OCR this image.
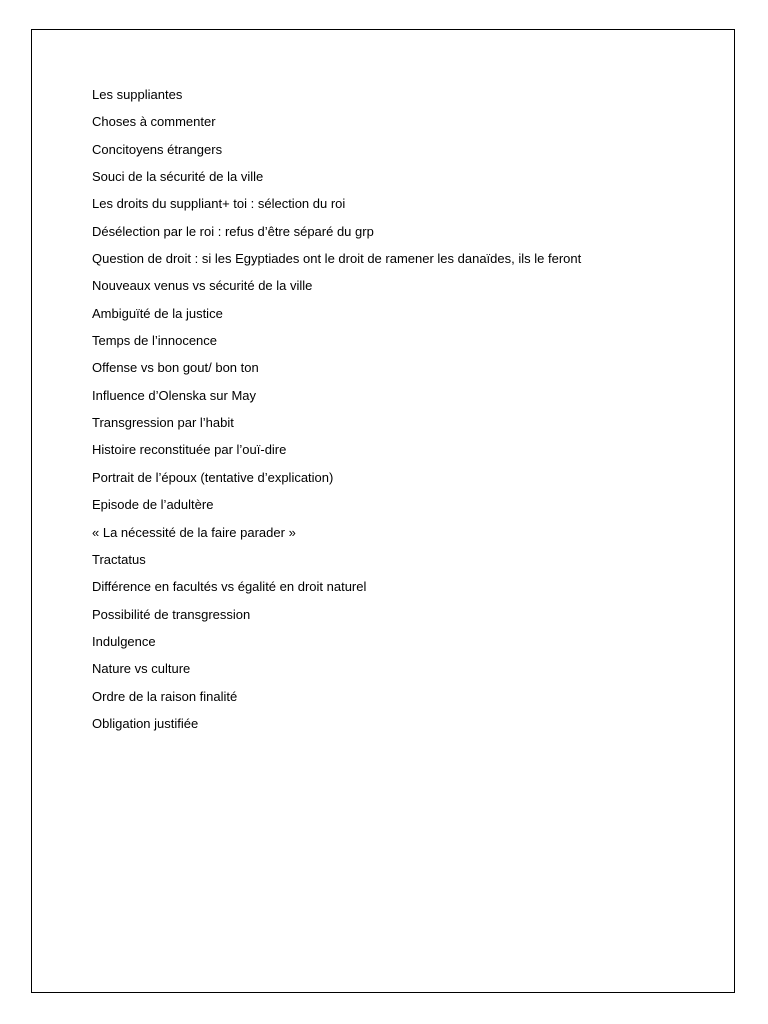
Les suppliantes
Choses à commenter
Concitoyens étrangers
Souci de la sécurité de la ville
Les droits du suppliant+ toi : sélection du roi
Désélection par le roi : refus d’être séparé du grp
Question de droit : si les Egyptiades ont le droit de ramener les danaïdes, ils le feront
Nouveaux venus vs sécurité de la ville
Ambiguïté de la justice
Temps de l’innocence
Offense vs bon gout/ bon ton
Influence d’Olenska sur May
Transgression par l’habit
Histoire reconstituée par l’ouï-dire
Portrait de l’époux (tentative d’explication)
Episode de l’adultère
« La nécessité de la faire parader »
Tractatus
Différence en facultés vs égalité en droit naturel
Possibilité de transgression
Indulgence
Nature vs culture
Ordre de la raison finalité
Obligation justifiée
